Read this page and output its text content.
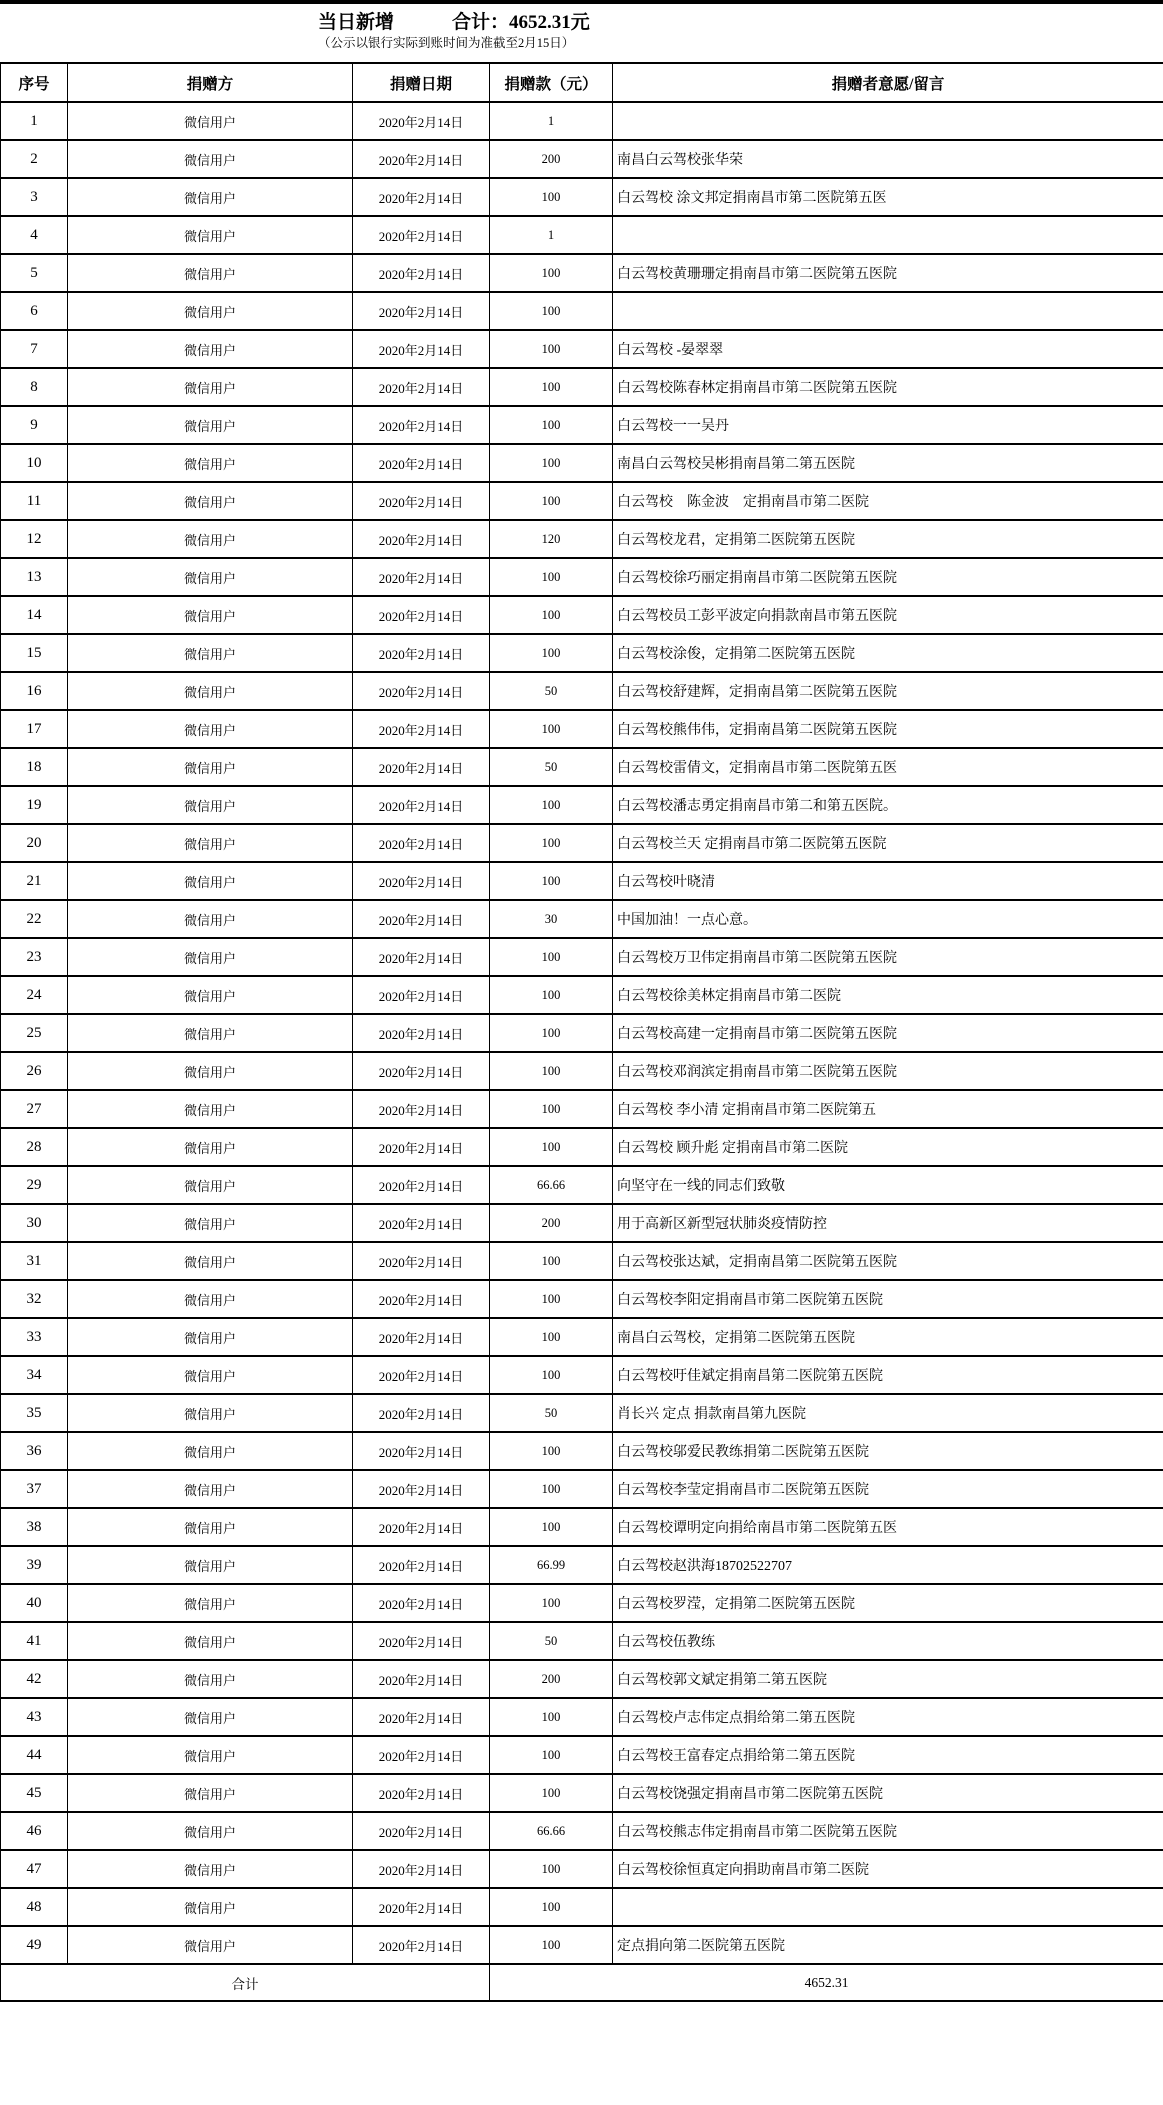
当日新增	合计：4652.31元
（公示以银行实际到账时间为准截至2月15日）
序号	捐赠方	捐赠日期	捐赠款（元）	捐赠者意愿/留言
1	微信用户	2020年2月14日	1	
2	微信用户	2020年2月14日	200	南昌白云驾校张华荣
3	微信用户	2020年2月14日	100	白云驾校 涂文邦定捐南昌市第二医院第五医
4	微信用户	2020年2月14日	1	
5	微信用户	2020年2月14日	100	白云驾校黄珊珊定捐南昌市第二医院第五医院
6	微信用户	2020年2月14日	100	
7	微信用户	2020年2月14日	100	白云驾校 -晏翠翠
8	微信用户	2020年2月14日	100	白云驾校陈春林定捐南昌市第二医院第五医院
9	微信用户	2020年2月14日	100	白云驾校一一吴丹
10	微信用户	2020年2月14日	100	南昌白云驾校吴彬捐南昌第二第五医院
11	微信用户	2020年2月14日	100	白云驾校　陈金波　定捐南昌市第二医院
12	微信用户	2020年2月14日	120	白云驾校龙君，定捐第二医院第五医院
13	微信用户	2020年2月14日	100	白云驾校徐巧丽定捐南昌市第二医院第五医院
14	微信用户	2020年2月14日	100	白云驾校员工彭平波定向捐款南昌市第五医院
15	微信用户	2020年2月14日	100	白云驾校涂俊，定捐第二医院第五医院
16	微信用户	2020年2月14日	50	白云驾校舒建辉，定捐南昌第二医院第五医院
17	微信用户	2020年2月14日	100	白云驾校熊伟伟，定捐南昌第二医院第五医院
18	微信用户	2020年2月14日	50	白云驾校雷倩文，定捐南昌市第二医院第五医
19	微信用户	2020年2月14日	100	白云驾校潘志勇定捐南昌市第二和第五医院。
20	微信用户	2020年2月14日	100	白云驾校兰天 定捐南昌市第二医院第五医院
21	微信用户	2020年2月14日	100	白云驾校叶晓清
22	微信用户	2020年2月14日	30	中国加油！一点心意。
23	微信用户	2020年2月14日	100	白云驾校万卫伟定捐南昌市第二医院第五医院
24	微信用户	2020年2月14日	100	白云驾校徐美林定捐南昌市第二医院
25	微信用户	2020年2月14日	100	白云驾校高建一定捐南昌市第二医院第五医院
26	微信用户	2020年2月14日	100	白云驾校邓润滨定捐南昌市第二医院第五医院
27	微信用户	2020年2月14日	100	白云驾校 李小清 定捐南昌市第二医院第五
28	微信用户	2020年2月14日	100	白云驾校 顾升彪 定捐南昌市第二医院
29	微信用户	2020年2月14日	66.66	向坚守在一线的同志们致敬
30	微信用户	2020年2月14日	200	用于高新区新型冠状肺炎疫情防控
31	微信用户	2020年2月14日	100	白云驾校张达斌，定捐南昌第二医院第五医院
32	微信用户	2020年2月14日	100	白云驾校李阳定捐南昌市第二医院第五医院
33	微信用户	2020年2月14日	100	南昌白云驾校，定捐第二医院第五医院
34	微信用户	2020年2月14日	100	白云驾校吁佳斌定捐南昌第二医院第五医院
35	微信用户	2020年2月14日	50	肖长兴 定点 捐款南昌第九医院
36	微信用户	2020年2月14日	100	白云驾校邬爱民教练捐第二医院第五医院
37	微信用户	2020年2月14日	100	白云驾校李莹定捐南昌市二医院第五医院
38	微信用户	2020年2月14日	100	白云驾校谭明定向捐给南昌市第二医院第五医
39	微信用户	2020年2月14日	66.99	白云驾校赵洪海18702522707
40	微信用户	2020年2月14日	100	白云驾校罗滢，定捐第二医院第五医院
41	微信用户	2020年2月14日	50	白云驾校伍教练
42	微信用户	2020年2月14日	200	白云驾校郭文斌定捐第二第五医院
43	微信用户	2020年2月14日	100	白云驾校卢志伟定点捐给第二第五医院
44	微信用户	2020年2月14日	100	白云驾校王富春定点捐给第二第五医院
45	微信用户	2020年2月14日	100	白云驾校饶强定捐南昌市第二医院第五医院
46	微信用户	2020年2月14日	66.66	白云驾校熊志伟定捐南昌市第二医院第五医院
47	微信用户	2020年2月14日	100	白云驾校徐恒真定向捐助南昌市第二医院
48	微信用户	2020年2月14日	100	
49	微信用户	2020年2月14日	100	定点捐向第二医院第五医院
合计			4652.31	
